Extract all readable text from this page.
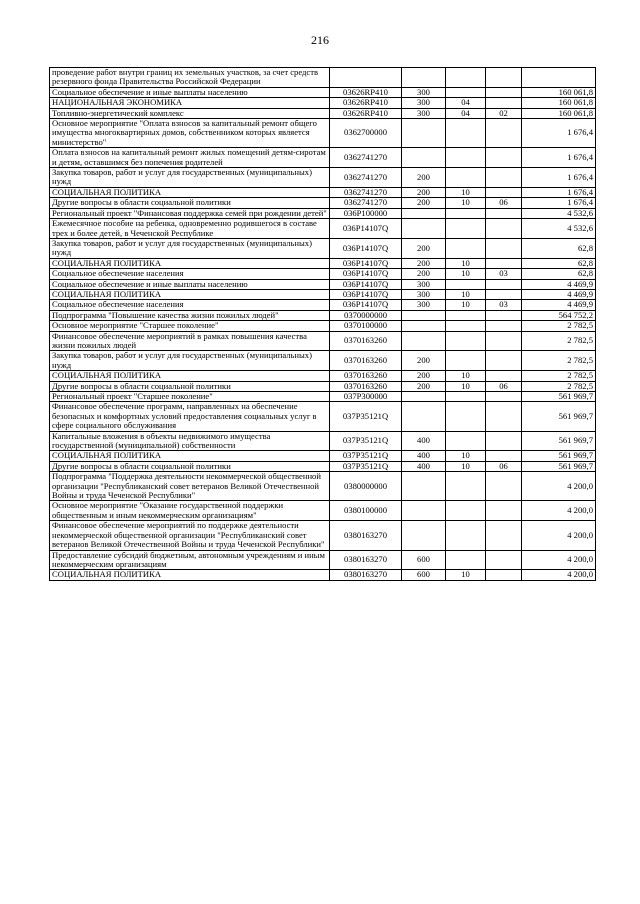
216
проведение работ внутри границ их земельных участков, за счет средств резервного фонда Правительства Российской Федерации					
Социальное обеспечение и иные выплаты населению	03626RP410	300			160 061,8
НАЦИОНАЛЬНАЯ ЭКОНОМИКА	03626RP410	300	04		160 061,8
Топливно-энергетический комплекс	03626RP410	300	04	02	160 061,8
Основное мероприятие "Оплата взносов за капитальный ремонт общего имущества многоквартирных домов, собственником которых является министерство"	0362700000				1 676,4
Оплата взносов на капитальный ремонт жилых помещений детям-сиротам и детям, оставшимся без попечения родителей	0362741270				1 676,4
Закупка товаров, работ и услуг для государственных (муниципальных) нужд	0362741270	200			1 676,4
СОЦИАЛЬНАЯ ПОЛИТИКА	0362741270	200	10		1 676,4
Другие вопросы в области социальной политики	0362741270	200	10	06	1 676,4
Региональный проект "Финансовая поддержка семей при рождении детей"	036P100000				4 532,6
Ежемесячное пособие на ребенка, одновременно родившегося в составе трех и более детей, в Чеченской Республике	036P14107Q				4 532,6
Закупка товаров, работ и услуг для государственных (муниципальных) нужд	036P14107Q	200			62,8
СОЦИАЛЬНАЯ ПОЛИТИКА	036P14107Q	200	10		62,8
Социальное обеспечение населения	036P14107Q	200	10	03	62,8
Социальное обеспечение и иные выплаты населению	036P14107Q	300			4 469,9
СОЦИАЛЬНАЯ ПОЛИТИКА	036P14107Q	300	10		4 469,9
Социальное обеспечение населения	036P14107Q	300	10	03	4 469,9
Подпрограмма "Повышение качества жизни пожилых людей"	0370000000				564 752,2
Основное мероприятие "Старшее поколение"	0370100000				2 782,5
Финансовое обеспечение мероприятий в рамках повышения качества жизни пожилых людей	0370163260				2 782,5
Закупка товаров, работ и услуг для государственных (муниципальных) нужд	0370163260	200			2 782,5
СОЦИАЛЬНАЯ ПОЛИТИКА	0370163260	200	10		2 782,5
Другие вопросы в области социальной политики	0370163260	200	10	06	2 782,5
Региональный проект "Старшее поколение"	037P300000				561 969,7
Финансовое обеспечение программ, направленных на обеспечение безопасных и комфортных условий предоставления социальных услуг в сфере социального обслуживания	037P35121Q				561 969,7
Капитальные вложения в объекты недвижимого имущества государственной (муниципальной) собственности	037P35121Q	400			561 969,7
СОЦИАЛЬНАЯ ПОЛИТИКА	037P35121Q	400	10		561 969,7
Другие вопросы в области социальной политики	037P35121Q	400	10	06	561 969,7
Подпрограмма "Поддержка деятельности некоммерческой общественной организации "Республиканский совет ветеранов Великой Отечественной Войны и труда Чеченской Республики"	0380000000				4 200,0
Основное мероприятие "Оказание государственной поддержки общественным и иным некоммерческим организациям"	0380100000				4 200,0
Финансовое обеспечение мероприятий по поддержке деятельности некоммерческой общественной организации "Республиканский совет ветеранов Великой Отечественной Войны и труда Чеченской Республики"	0380163270				4 200,0
Предоставление субсидий бюджетным, автономным учреждениям и иным некоммерческим организациям	0380163270	600			4 200,0
СОЦИАЛЬНАЯ ПОЛИТИКА	0380163270	600	10		4 200,0
